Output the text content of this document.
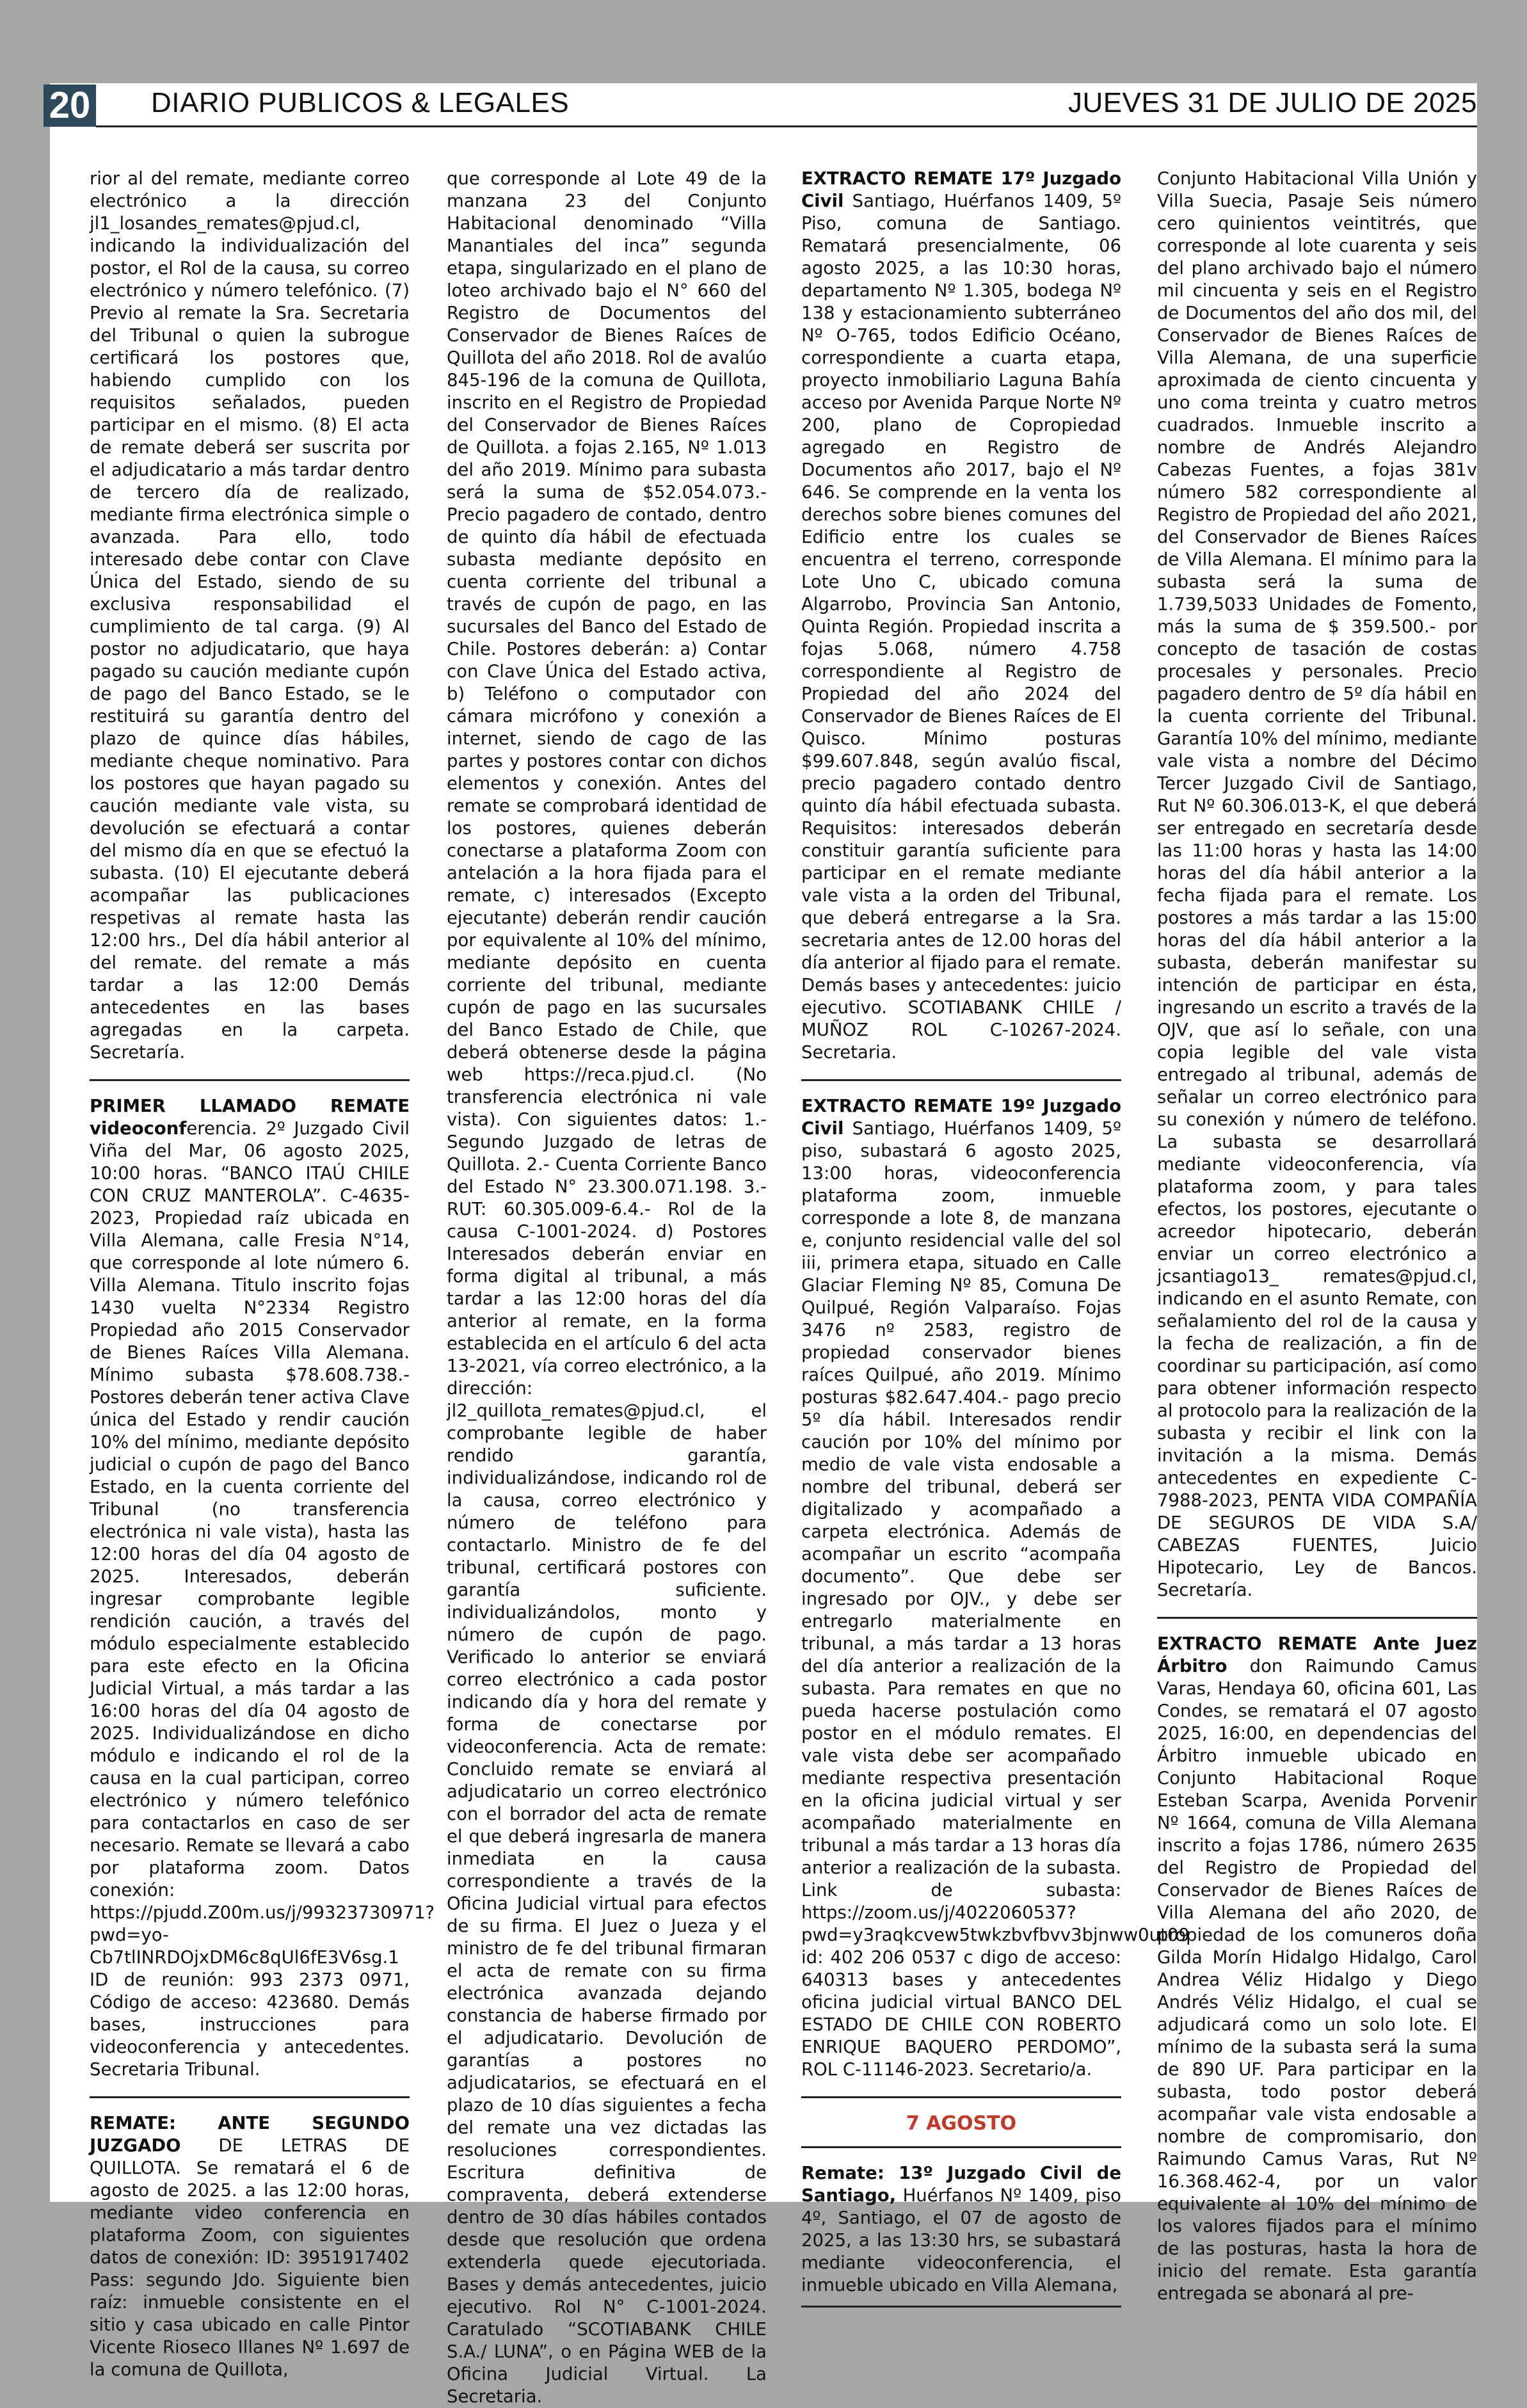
20 DIARIO PUBLICOS & LEGALES	JUEVES 31 DE JULIO DE 2025

rior al del remate, mediante correo electrónico a la dirección jl1_losandes_remates@pjud.cl, indicando la individualización del postor, el Rol de la causa, su correo electrónico y número telefónico. (7) Previo al remate la Sra. Secretaria del Tribunal o quien la subrogue certificará los postores que, habiendo cumplido con los requisitos señalados, pueden participar en el mismo. (8) El acta de remate deberá ser suscrita por el adjudicatario a más tardar dentro de tercero día de realizado, mediante firma electrónica simple o avanzada. Para ello, todo interesado debe contar con Clave Única del Estado, siendo de su exclusiva responsabilidad el cumplimiento de tal carga. (9) Al postor no adjudicatario, que haya pagado su caución mediante cupón de pago del Banco Estado, se le restituirá su garantía dentro del plazo de quince días hábiles, mediante cheque nominativo. Para los postores que hayan pagado su caución mediante vale vista, su devolución se efectuará a contar del mismo día en que se efectuó la subasta. (10) El ejecutante deberá acompañar las publicaciones respetivas al remate hasta las 12:00 hrs., Del día hábil anterior al del remate. del remate a más tardar a las 12:00 Demás antecedentes en las bases agregadas en la carpeta. Secretaría.

PRIMER LLAMADO REMATE videoconferencia. 2º Juzgado Civil Viña del Mar, 06 agosto 2025, 10:00 horas. “BANCO ITAÚ CHILE CON CRUZ MANTEROLA”. C-4635-2023, Propiedad raíz ubicada en Villa Alemana, calle Fresia N°14, que corresponde al lote número 6. Villa Alemana. Titulo inscrito fojas 1430 vuelta N°2334 Registro Propiedad año 2015 Conservador de Bienes Raíces Villa Alemana. Mínimo subasta $78.608.738.- Postores deberán tener activa Clave única del Estado y rendir caución 10% del mínimo, mediante depósito judicial o cupón de pago del Banco Estado, en la cuenta corriente del Tribunal (no transferencia electrónica ni vale vista), hasta las 12:00 horas del día 04 agosto de 2025. Interesados, deberán ingresar comprobante legible rendición caución, a través del módulo especialmente establecido para este efecto en la Oficina Judicial Virtual, a más tardar a las 16:00 horas del día 04 agosto de 2025. Individualizándose en dicho módulo e indicando el rol de la causa en la cual participan, correo electrónico y número telefónico para contactarlos en caso de ser necesario. Remate se llevará a cabo por plataforma zoom. Datos conexión: https://pjudd.Z00m.us/j/99323730971?pwd=yo-Cb7tlINRDOjxDM6c8qUl6fE3V6sg.1 ID de reunión: 993 2373 0971, Código de acceso: 423680. Demás bases, instrucciones para videoconferencia y antecedentes. Secretaria Tribunal.

REMATE: ANTE SEGUNDO JUZGADO DE LETRAS DE QUILLOTA. Se rematará el 6 de agosto de 2025. a las 12:00 horas, mediante video conferencia en plataforma Zoom, con siguientes datos de conexión: ID: 3951917402 Pass: segundo Jdo. Siguiente bien raíz: inmueble consistente en el sitio y casa ubicado en calle Pintor Vicente Rioseco Illanes Nº 1.697 de la comuna de Quillota,

que corresponde al Lote 49 de la manzana 23 del Conjunto Habitacional denominado “Villa Manantiales del inca” segunda etapa, singularizado en el plano de loteo archivado bajo el N° 660 del Registro de Documentos del Conservador de Bienes Raíces de Quillota del año 2018. Rol de avalúo 845-196 de la comuna de Quillota, inscrito en el Registro de Propiedad del Conservador de Bienes Raíces de Quillota. a fojas 2.165, Nº 1.013 del año 2019. Mínimo para subasta será la suma de $52.054.073.- Precio pagadero de contado, dentro de quinto día hábil de efectuada subasta mediante depósito en cuenta corriente del tribunal a través de cupón de pago, en las sucursales del Banco del Estado de Chile. Postores deberán: a) Contar con Clave Única del Estado activa, b) Teléfono o computador con cámara micrófono y conexión a internet, siendo de cago de las partes y postores contar con dichos elementos y conexión. Antes del remate se comprobará identidad de los postores, quienes deberán conectarse a plataforma Zoom con antelación a la hora fijada para el remate, c) interesados (Excepto ejecutante) deberán rendir caución por equivalente al 10% del mínimo, mediante depósito en cuenta corriente del tribunal, mediante cupón de pago en las sucursales del Banco Estado de Chile, que deberá obtenerse desde la página web https://reca.pjud.cl. (No transferencia electrónica ni vale vista). Con siguientes datos: 1.- Segundo Juzgado de letras de Quillota. 2.- Cuenta Corriente Banco del Estado N° 23.300.071.198. 3.- RUT: 60.305.009-6.4.- Rol de la causa C-1001-2024. d) Postores Interesados deberán enviar en forma digital al tribunal, a más tardar a las 12:00 horas del día anterior al remate, en la forma establecida en el artículo 6 del acta 13-2021, vía correo electrónico, a la dirección: jl2_quillota_remates@pjud.cl, el comprobante legible de haber rendido garantía, individualizándose, indicando rol de la causa, correo electrónico y número de teléfono para contactarlo. Ministro de fe del tribunal, certificará postores con garantía suficiente. individualizándolos, monto y número de cupón de pago. Verificado lo anterior se enviará correo electrónico a cada postor indicando día y hora del remate y forma de conectarse por videoconferencia. Acta de remate: Concluido remate se enviará al adjudicatario un correo electrónico con el borrador del acta de remate el que deberá ingresarla de manera inmediata en la causa correspondiente a través de la Oficina Judicial virtual para efectos de su firma. El Juez o Jueza y el ministro de fe del tribunal firmaran el acta de remate con su firma electrónica avanzada dejando constancia de haberse firmado por el adjudicatario. Devolución de garantías a postores no adjudicatarios, se efectuará en el plazo de 10 días siguientes a fecha del remate una vez dictadas las resoluciones correspondientes. Escritura definitiva de compraventa, deberá extenderse dentro de 30 días hábiles contados desde que resolución que ordena extenderla quede ejecutoriada. Bases y demás antecedentes, juicio ejecutivo. Rol N° C-1001-2024. Caratulado “SCOTIABANK CHILE S.A./ LUNA”, o en Página WEB de la Oficina Judicial Virtual. La Secretaria.

EXTRACTO REMATE 17º Juzgado Civil Santiago, Huérfanos 1409, 5º Piso, comuna de Santiago. Rematará presencialmente, 06 agosto 2025, a las 10:30 horas, departamento Nº 1.305, bodega Nº 138 y estacionamiento subterráneo Nº O-765, todos Edificio Océano, correspondiente a cuarta etapa, proyecto inmobiliario Laguna Bahía acceso por Avenida Parque Norte Nº 200, plano de Copropiedad agregado en Registro de Documentos año 2017, bajo el Nº 646. Se comprende en la venta los derechos sobre bienes comunes del Edificio entre los cuales se encuentra el terreno, corresponde Lote Uno C, ubicado comuna Algarrobo, Provincia San Antonio, Quinta Región. Propiedad inscrita a fojas 5.068, número 4.758 correspondiente al Registro de Propiedad del año 2024 del Conservador de Bienes Raíces de El Quisco. Mínimo posturas $99.607.848, según avalúo fiscal, precio pagadero contado dentro quinto día hábil efectuada subasta. Requisitos: interesados deberán constituir garantía suficiente para participar en el remate mediante vale vista a la orden del Tribunal, que deberá entregarse a la Sra. secretaria antes de 12.00 horas del día anterior al fijado para el remate. Demás bases y antecedentes: juicio ejecutivo. SCOTIABANK CHILE / MUÑOZ ROL C-10267-2024. Secretaria.

EXTRACTO REMATE 19º Juzgado Civil Santiago, Huérfanos 1409, 5º piso, subastará 6 agosto 2025, 13:00 horas, videoconferencia plataforma zoom, inmueble corresponde a lote 8, de manzana e, conjunto residencial valle del sol iii, primera etapa, situado en Calle Glaciar Fleming Nº 85, Comuna De Quilpué, Región Valparaíso. Fojas 3476 nº 2583, registro de propiedad conservador bienes raíces Quilpué, año 2019. Mínimo posturas $82.647.404.- pago precio 5º día hábil. Interesados rendir caución por 10% del mínimo por medio de vale vista endosable a nombre del tribunal, deberá ser digitalizado y acompañado a carpeta electrónica. Además de acompañar un escrito “acompaña documento”. Que debe ser ingresado por OJV., y debe ser entregarlo materialmente en tribunal, a más tardar a 13 horas del día anterior a realización de la subasta. Para remates en que no pueda hacerse postulación como postor en el módulo remates. El vale vista debe ser acompañado mediante respectiva presentación en la oficina judicial virtual y ser acompañado materialmente en tribunal a más tardar a 13 horas día anterior a realización de la subasta. Link de subasta: https://zoom.us/j/4022060537?pwd=y3raqkcvew5twkzbvfbvv3bjnww0ut09 id: 402 206 0537 c digo de acceso: 640313 bases y antecedentes oficina judicial virtual BANCO DEL ESTADO DE CHILE CON ROBERTO ENRIQUE BAQUERO PERDOMO”, ROL C-11146-2023. Secretario/a.

7 AGOSTO

Remate: 13º Juzgado Civil de Santiago, Huérfanos Nº 1409, piso 4º, Santiago, el 07 de agosto de 2025, a las 13:30 hrs, se subastará mediante videoconferencia, el inmueble ubicado en Villa Alemana,

Conjunto Habitacional Villa Unión y Villa Suecia, Pasaje Seis número cero quinientos veintitrés, que corresponde al lote cuarenta y seis del plano archivado bajo el número mil cincuenta y seis en el Registro de Documentos del año dos mil, del Conservador de Bienes Raíces de Villa Alemana, de una superficie aproximada de ciento cincuenta y uno coma treinta y cuatro metros cuadrados. Inmueble inscrito a nombre de Andrés Alejandro Cabezas Fuentes, a fojas 381v número 582 correspondiente al Registro de Propiedad del año 2021, del Conservador de Bienes Raíces de Villa Alemana. El mínimo para la subasta será la suma de 1.739,5033 Unidades de Fomento, más la suma de $ 359.500.- por concepto de tasación de costas procesales y personales. Precio pagadero dentro de 5º día hábil en la cuenta corriente del Tribunal. Garantía 10% del mínimo, mediante vale vista a nombre del Décimo Tercer Juzgado Civil de Santiago, Rut Nº 60.306.013-K, el que deberá ser entregado en secretaría desde las 11:00 horas y hasta las 14:00 horas del día hábil anterior a la fecha fijada para el remate. Los postores a más tardar a las 15:00 horas del día hábil anterior a la subasta, deberán manifestar su intención de participar en ésta, ingresando un escrito a través de la OJV, que así lo señale, con una copia legible del vale vista entregado al tribunal, además de señalar un correo electrónico para su conexión y número de teléfono. La subasta se desarrollará mediante videoconferencia, vía plataforma zoom, y para tales efectos, los postores, ejecutante o acreedor hipotecario, deberán enviar un correo electrónico a jcsantiago13_ remates@pjud.cl, indicando en el asunto Remate, con señalamiento del rol de la causa y la fecha de realización, a fin de coordinar su participación, así como para obtener información respecto al protocolo para la realización de la subasta y recibir el link con la invitación a la misma. Demás antecedentes en expediente C-7988-2023, PENTA VIDA COMPAÑÍA DE SEGUROS DE VIDA S.A/ CABEZAS FUENTES, Juicio Hipotecario, Ley de Bancos. Secretaría.

EXTRACTO REMATE Ante Juez Árbitro don Raimundo Camus Varas, Hendaya 60, oficina 601, Las Condes, se rematará el 07 agosto 2025, 16:00, en dependencias del Árbitro inmueble ubicado en Conjunto Habitacional Roque Esteban Scarpa, Avenida Porvenir Nº 1664, comuna de Villa Alemana inscrito a fojas 1786, número 2635 del Registro de Propiedad del Conservador de Bienes Raíces de Villa Alemana del año 2020, de propiedad de los comuneros doña Gilda Morín Hidalgo Hidalgo, Carol Andrea Véliz Hidalgo y Diego Andrés Véliz Hidalgo, el cual se adjudicará como un solo lote. El mínimo de la subasta será la suma de 890 UF. Para participar en la subasta, todo postor deberá acompañar vale vista endosable a nombre de compromisario, don Raimundo Camus Varas, Rut Nº 16.368.462-4, por un valor equivalente al 10% del mínimo de los valores fijados para el mínimo de las posturas, hasta la hora de inicio del remate. Esta garantía entregada se abonará al pre-
